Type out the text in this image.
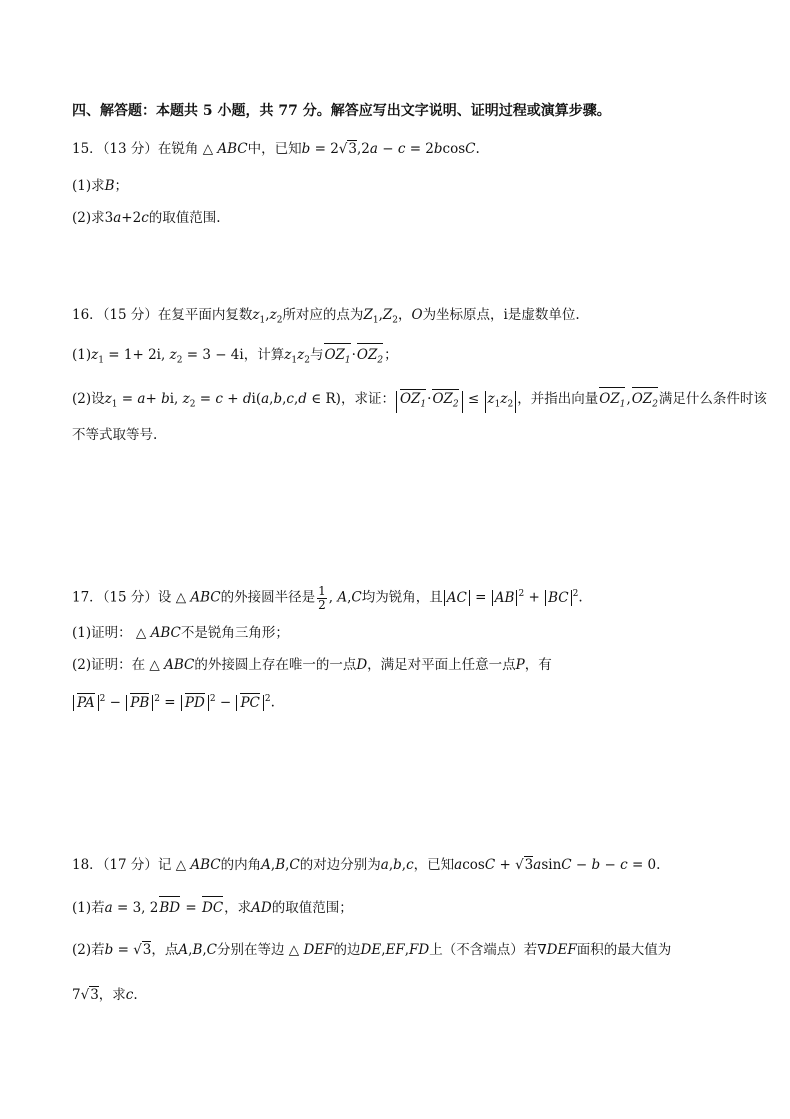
四、解答题：本题共 5 小题，共 77 分。解答应写出文字说明、证明过程或演算步骤。
15．（13 分）在锐角 △ ABC中，已知b = 2√3,2a − c = 2bcosC.
(1)求B；
(2)求3a+2c的取值范围.
16．（15 分）在复平面内复数$z_1,z_2$所对应的点为$Z_1,Z_2$，O为坐标原点，i是虚数单位.
$(1)z_1 = 1+ 2i$, $z_2 = 3 - 4i$，计算$z_1z_2$与$OZ_1\cdot OZ_2$；
(2)设$z_1 = a+$ bi, $z_2 = c + di(a,b,c,d$ ∈ R)，求证： $OZ_1\cdot OZ_2 \le z_1z_2$ ，并指出向量$OZ_1,OZ_2$满足什么条件时该
不等式取等号.
17．（15 分）设 △ ABC的外接圆半径是 $\frac{1}{2}$ , A,C均为锐角，且 AC = AB $^2$ + BC $^2$.
(1)证明： △ ABC不是锐角三角形；
(2)证明：在 △ ABC的外接圆上存在唯一的一点D，满足对平面上任意一点P，有
PA $^2$ − PB $^2$ = PD $^2$ − PC $^2$.
18．（17 分）记 △ ABC的内角A,B,C的对边分别为a,b,c，已知acosC + √3asinC − b − c = 0.
(1)若a = 3, 2BD = DC，求AD的取值范围；
(2)若b = √3，点A,B,C分别在等边 △ DEF的边DE,EF,FD上（不含端点）若∇DEF面积的最大值为
7√3，求c.
